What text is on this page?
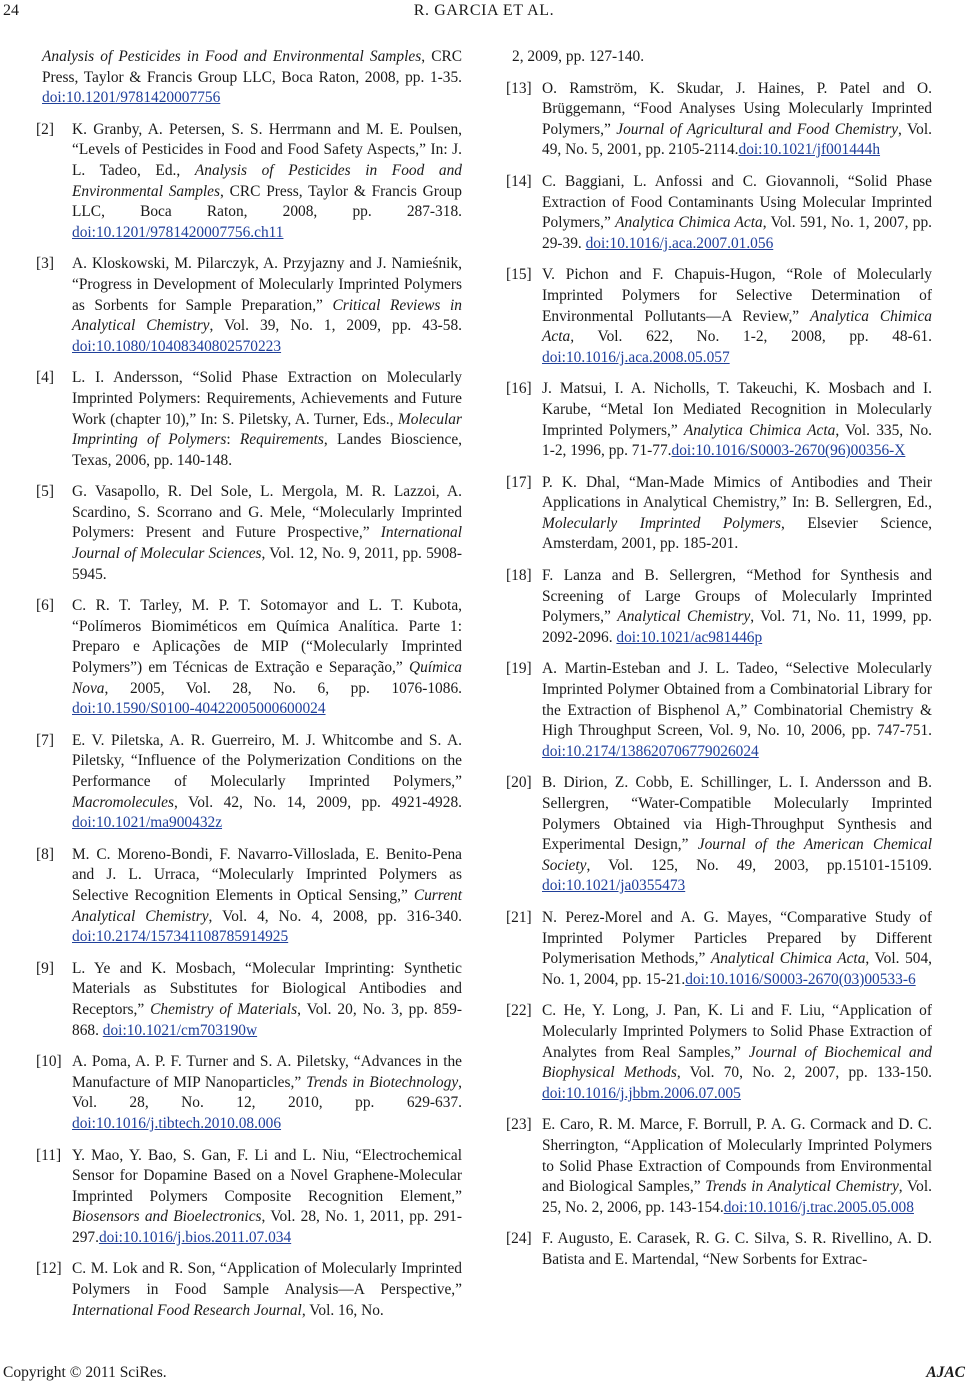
24	R. GARCIA ET AL.
Analysis of Pesticides in Food and Environmental Samples, CRC Press, Taylor & Francis Group LLC, Boca Raton, 2008, pp. 1-35.doi:10.1201/9781420007756
[2] K. Granby, A. Petersen, S. S. Herrmann and M. E. Poulsen, “Levels of Pesticides in Food and Food Safety Aspects,” In: J. L. Tadeo, Ed., Analysis of Pesticides in Food and Environmental Samples, CRC Press, Taylor & Francis Group LLC, Boca Raton, 2008, pp. 287-318.doi:10.1201/9781420007756.ch11
[3] A. Kloskowski, M. Pilarczyk, A. Przyjazny and J. Namieśnik, “Progress in Development of Molecularly Imprinted Polymers as Sorbents for Sample Preparation,” Critical Reviews in Analytical Chemistry, Vol. 39, No. 1, 2009, pp. 43-58. doi:10.1080/10408340802570223
[4] L. I. Andersson, “Solid Phase Extraction on Molecularly Imprinted Polymers: Requirements, Achievements and Future Work (chapter 10),” In: S. Piletsky, A. Turner, Eds., Molecular Imprinting of Polymers: Requirements, Landes Bioscience, Texas, 2006, pp. 140-148.
[5] G. Vasapollo, R. Del Sole, L. Mergola, M. R. Lazzoi, A. Scardino, S. Scorrano and G. Mele, “Molecularly Imprinted Polymers: Present and Future Prospective,” International Journal of Molecular Sciences, Vol. 12, No. 9, 2011, pp. 5908-5945.
[6] C. R. T. Tarley, M. P. T. Sotomayor and L. T. Kubota, “Polímeros Biomiméticos em Química Analítica. Parte 1: Preparo e Aplicações de MIP (“Molecularly Imprinted Polymers”) em Técnicas de Extração e Separação,” Química Nova, 2005, Vol. 28, No. 6, pp. 1076-1086.doi:10.1590/S0100-40422005000600024
[7] E. V. Piletska, A. R. Guerreiro, M. J. Whitcombe and S. A. Piletsky, “Influence of the Polymerization Conditions on the Performance of Molecularly Imprinted Polymers,” Macromolecules, Vol. 42, No. 14, 2009, pp. 4921-4928.doi:10.1021/ma900432z
[8] M. C. Moreno-Bondi, F. Navarro-Villoslada, E. Benito-Pena and J. L. Urraca, “Molecularly Imprinted Polymers as Selective Recognition Elements in Optical Sensing,” Current Analytical Chemistry, Vol. 4, No. 4, 2008, pp. 316-340. doi:10.2174/157341108785914925
[9] L. Ye and K. Mosbach, “Molecular Imprinting: Synthetic Materials as Substitutes for Biological Antibodies and Receptors,” Chemistry of Materials, Vol. 20, No. 3, pp. 859-868. doi:10.1021/cm703190w
[10] A. Poma, A. P. F. Turner and S. A. Piletsky, “Advances in the Manufacture of MIP Nanoparticles,” Trends in Biotechnology, Vol. 28, No. 12, 2010, pp. 629-637.doi:10.1016/j.tibtech.2010.08.006
[11] Y. Mao, Y. Bao, S. Gan, F. Li and L. Niu, “Electrochemical Sensor for Dopamine Based on a Novel Graphene-Molecular Imprinted Polymers Composite Recognition Element,” Biosensors and Bioelectronics, Vol. 28, No. 1, 2011, pp. 291-297.doi:10.1016/j.bios.2011.07.034
[12] C. M. Lok and R. Son, “Application of Molecularly Imprinted Polymers in Food Sample Analysis—A Perspective,” International Food Research Journal, Vol. 16, No.
2, 2009, pp. 127-140.
[13] O. Ramström, K. Skudar, J. Haines, P. Patel and O. Brüggemann, “Food Analyses Using Molecularly Imprinted Polymers,” Journal of Agricultural and Food Chemistry, Vol. 49, No. 5, 2001, pp. 2105-2114.doi:10.1021/jf001444h
[14] C. Baggiani, L. Anfossi and C. Giovannoli, “Solid Phase Extraction of Food Contaminants Using Molecular Imprinted Polymers,” Analytica Chimica Acta, Vol. 591, No. 1, 2007, pp. 29-39. doi:10.1016/j.aca.2007.01.056
[15] V. Pichon and F. Chapuis-Hugon, “Role of Molecularly Imprinted Polymers for Selective Determination of Environmental Pollutants—A Review,” Analytica Chimica Acta, Vol. 622, No. 1-2, 2008, pp. 48-61.doi:10.1016/j.aca.2008.05.057
[16] J. Matsui, I. A. Nicholls, T. Takeuchi, K. Mosbach and I. Karube, “Metal Ion Mediated Recognition in Molecularly Imprinted Polymers,” Analytica Chimica Acta, Vol. 335, No. 1-2, 1996, pp. 71-77.doi:10.1016/S0003-2670(96)00356-X
[17] P. K. Dhal, “Man-Made Mimics of Antibodies and Their Applications in Analytical Chemistry,” In: B. Sellergren, Ed., Molecularly Imprinted Polymers, Elsevier Science, Amsterdam, 2001, pp. 185-201.
[18] F. Lanza and B. Sellergren, “Method for Synthesis and Screening of Large Groups of Molecularly Imprinted Polymers,” Analytical Chemistry, Vol. 71, No. 11, 1999, pp. 2092-2096. doi:10.1021/ac981446p
[19] A. Martin-Esteban and J. L. Tadeo, “Selective Molecularly Imprinted Polymer Obtained from a Combinatorial Library for the Extraction of Bisphenol A,” Combinatorial Chemistry & High Throughput Screen, Vol. 9, No. 10, 2006, pp. 747-751. doi:10.2174/138620706779026024
[20] B. Dirion, Z. Cobb, E. Schillinger, L. I. Andersson and B. Sellergren, “Water-Compatible Molecularly Imprinted Polymers Obtained via High-Throughput Synthesis and Experimental Design,” Journal of the American Chemical Society, Vol. 125, No. 49, 2003, pp.15101-15109.doi:10.1021/ja0355473
[21] N. Perez-Morel and A. G. Mayes, “Comparative Study of Imprinted Polymer Particles Prepared by Different Polymerisation Methods,” Analytical Chimica Acta, Vol. 504, No. 1, 2004, pp. 15-21.doi:10.1016/S0003-2670(03)00533-6
[22] C. He, Y. Long, J. Pan, K. Li and F. Liu, “Application of Molecularly Imprinted Polymers to Solid Phase Extraction of Analytes from Real Samples,” Journal of Biochemical and Biophysical Methods, Vol. 70, No. 2, 2007, pp. 133-150. doi:10.1016/j.jbbm.2006.07.005
[23] E. Caro, R. M. Marce, F. Borrull, P. A. G. Cormack and D. C. Sherrington, “Application of Molecularly Imprinted Polymers to Solid Phase Extraction of Compounds from Environmental and Biological Samples,” Trends in Analytical Chemistry, Vol. 25, No. 2, 2006, pp. 143-154.doi:10.1016/j.trac.2005.05.008
[24] F. Augusto, E. Carasek, R. G. C. Silva, S. R. Rivellino, A. D. Batista and E. Martendal, “New Sorbents for Extrac-
Copyright © 2011 SciRes.	AJAC
